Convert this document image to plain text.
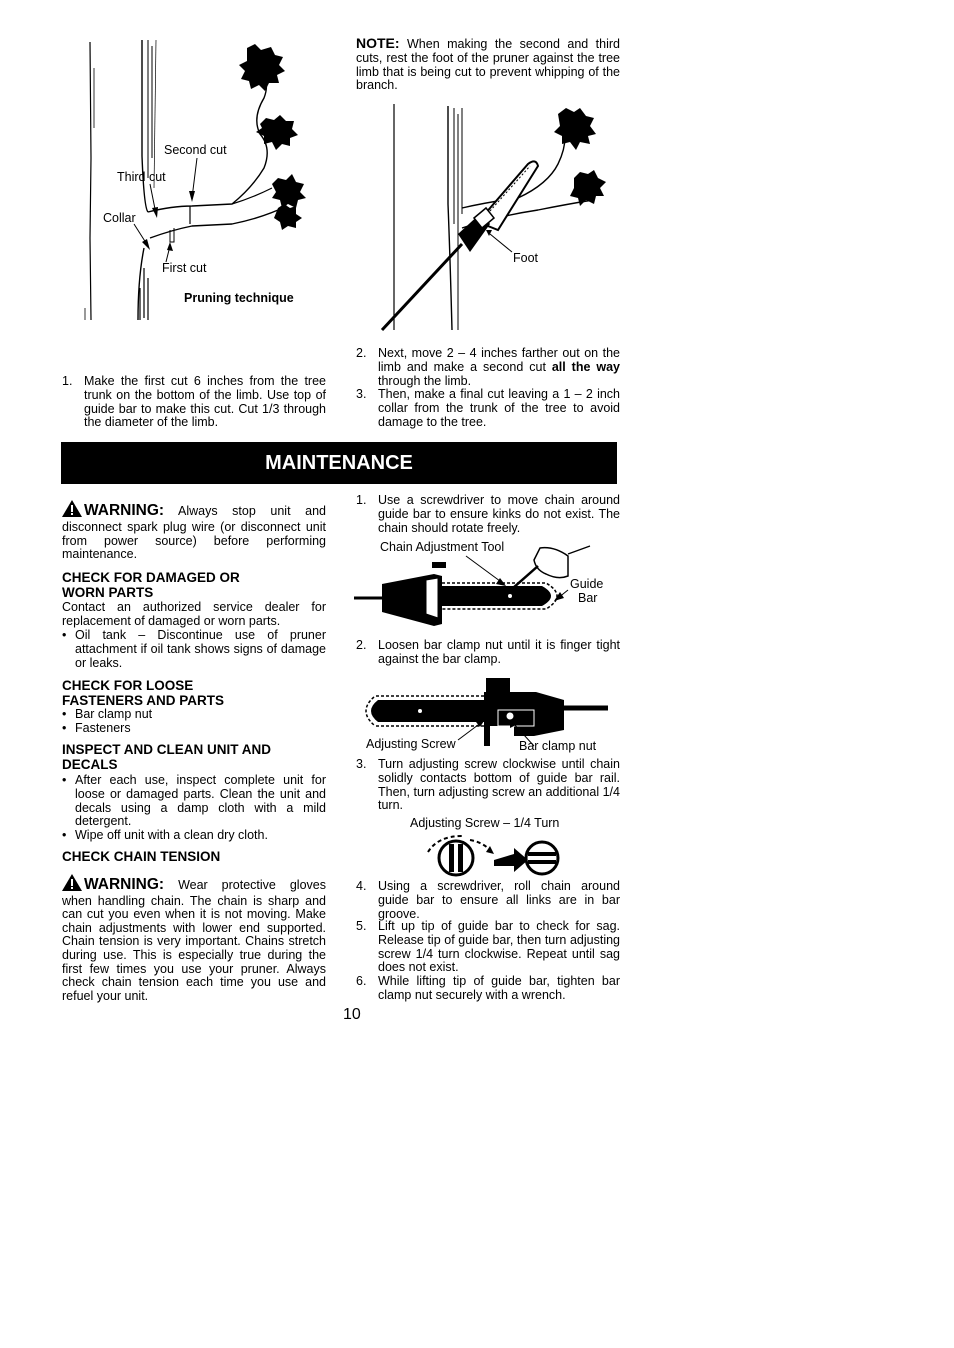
Second cut
Third cut
Collar
First cut
Pruning technique
NOTE: When making the second and third cuts, rest the foot of the pruner against the tree limb that is being cut to prevent whipping of the branch.
Foot
1. Make the first cut 6 inches from the tree trunk on the bottom of the limb. Use top of guide bar to make this cut. Cut 1/3 through the diameter of the limb.
2. Next, move 2 – 4 inches farther out on the limb and make a second cut all the way through the limb.
3. Then, make a final cut leaving a 1 – 2 inch collar from the trunk of the tree to avoid damage to the tree.
MAINTENANCE
WARNING: Always stop unit and disconnect spark plug wire (or disconnect unit from power source) before performing maintenance.
CHECK FOR DAMAGED OR WORN PARTS
Contact an authorized service dealer for replacement of damaged or worn parts.
• Oil tank – Discontinue use of pruner attachment if oil tank shows signs of damage or leaks.
CHECK FOR LOOSE FASTENERS AND PARTS
• Bar clamp nut
• Fasteners
INSPECT AND CLEAN UNIT AND DECALS
• After each use, inspect complete unit for loose or damaged parts. Clean the unit and decals using a damp cloth with a mild detergent.
• Wipe off unit with a clean dry cloth.
CHECK CHAIN TENSION
WARNING: Wear protective gloves when handling chain. The chain is sharp and can cut you even when it is not moving. Make chain adjustments with lower end supported. Chain tension is very important. Chains stretch during use. This is especially true during the first few times you use your pruner. Always check chain tension each time you use and refuel your unit.
1. Use a screwdriver to move chain around guide bar to ensure kinks do not exist. The chain should rotate freely.
Chain Adjustment Tool
Guide
Bar
2. Loosen bar clamp nut until it is finger tight against the bar clamp.
Adjusting Screw	Bar clamp nut
3. Turn adjusting screw clockwise until chain solidly contacts bottom of guide bar rail. Then, turn adjusting screw an additional 1/4 turn.
Adjusting Screw – 1/4 Turn
4. Using a screwdriver, roll chain around guide bar to ensure all links are in bar groove.
5. Lift up tip of guide bar to check for sag. Release tip of guide bar, then turn adjusting screw 1/4 turn clockwise. Repeat until sag does not exist.
6. While lifting tip of guide bar, tighten bar clamp nut securely with a wrench.
10
